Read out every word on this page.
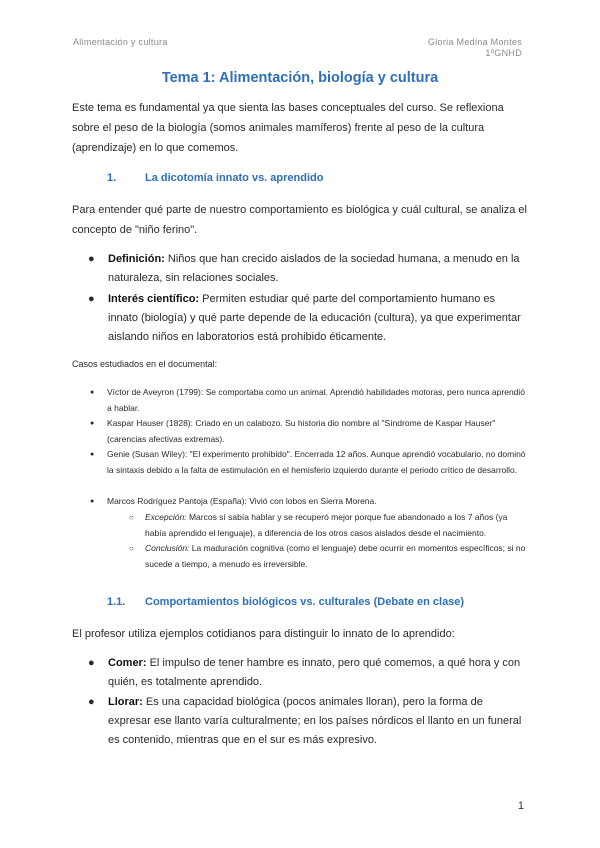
Alimentación y cultura	Gloria Medina Montes
1ºGNHD
Tema 1: Alimentación, biología y cultura
Este tema es fundamental ya que sienta las bases conceptuales del curso. Se reflexiona sobre el peso de la biología (somos animales mamíferos) frente al peso de la cultura (aprendizaje) en lo que comemos.
1.	La dicotomía innato vs. aprendido
Para entender qué parte de nuestro comportamiento es biológica y cuál cultural, se analiza el concepto de "niño ferino".
● Definición: Niños que han crecido aislados de la sociedad humana, a menudo en la naturaleza, sin relaciones sociales.
● Interés científico: Permiten estudiar qué parte del comportamiento humano es innato (biología) y qué parte depende de la educación (cultura), ya que experimentar aislando niños en laboratorios está prohibido éticamente.
Casos estudiados en el documental:
● Víctor de Aveyron (1799): Se comportaba como un animal. Aprendió habilidades motoras, pero nunca aprendió a hablar.
● Kaspar Hauser (1828): Criado en un calabozo. Su historia dio nombre al "Síndrome de Kaspar Hauser" (carencias afectivas extremas).
● Genie (Susan Wiley): "El experimento prohibido". Encerrada 12 años. Aunque aprendió vocabulario, no dominó la sintaxis debido a la falta de estimulación en el hemisferio izquierdo durante el periodo crítico de desarrollo.
● Marcos Rodríguez Pantoja (España): Vivió con lobos en Sierra Morena.
○ Excepción: Marcos sí sabía hablar y se recuperó mejor porque fue abandonado a los 7 años (ya había aprendido el lenguaje), a diferencia de los otros casos aislados desde el nacimiento.
○ Conclusión: La maduración cognitiva (como el lenguaje) debe ocurrir en momentos específicos; si no sucede a tiempo, a menudo es irreversible.
1.1. Comportamientos biológicos vs. culturales (Debate en clase)
El profesor utiliza ejemplos cotidianos para distinguir lo innato de lo aprendido:
● Comer: El impulso de tener hambre es innato, pero qué comemos, a qué hora y con quién, es totalmente aprendido.
● Llorar: Es una capacidad biológica (pocos animales lloran), pero la forma de expresar ese llanto varía culturalmente; en los países nórdicos el llanto en un funeral es contenido, mientras que en el sur es más expresivo.
1
